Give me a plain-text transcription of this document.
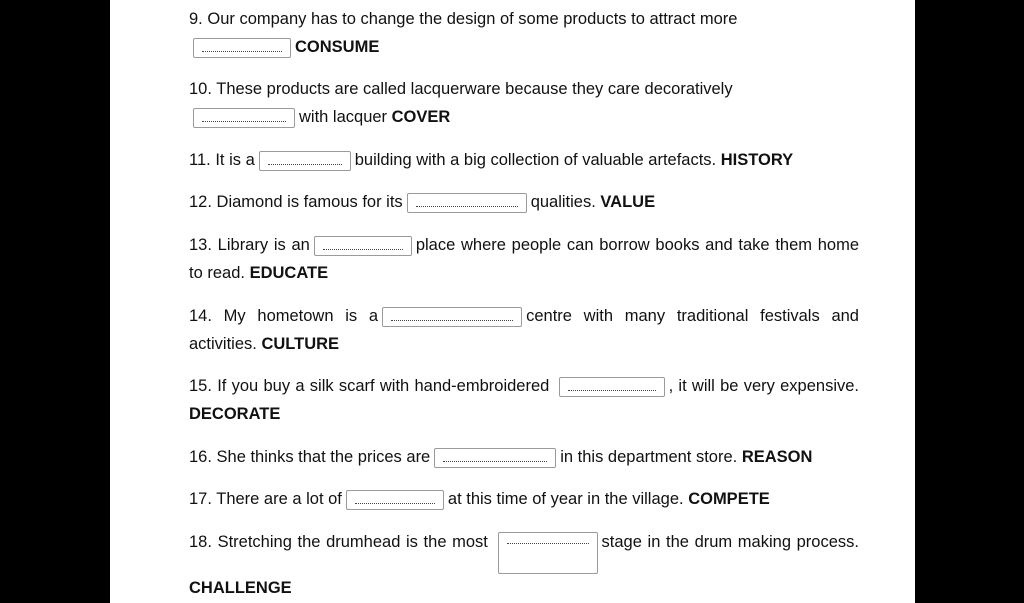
9. Our company has to change the design of some products to attract more
CONSUME
10. These products are called lacquerware because they care decoratively
with lacquer COVER
11. It is a	building with a big collection of valuable artefacts. HISTORY
12. Diamond is famous for its	qualities. VALUE
13. Library is an	place where people can borrow books and take them home to read. EDUCATE
14. My hometown is a	centre with many traditional festivals and activities. CULTURE
15. If you buy a silk scarf with hand-embroidered	, it will be very expensive. DECORATE
16. She thinks that the prices are	in this department store. REASON
17. There are a lot of	at this time of year in the village. COMPETE
18. Stretching the drumhead is the most	stage in the drum making process. CHALLENGE
